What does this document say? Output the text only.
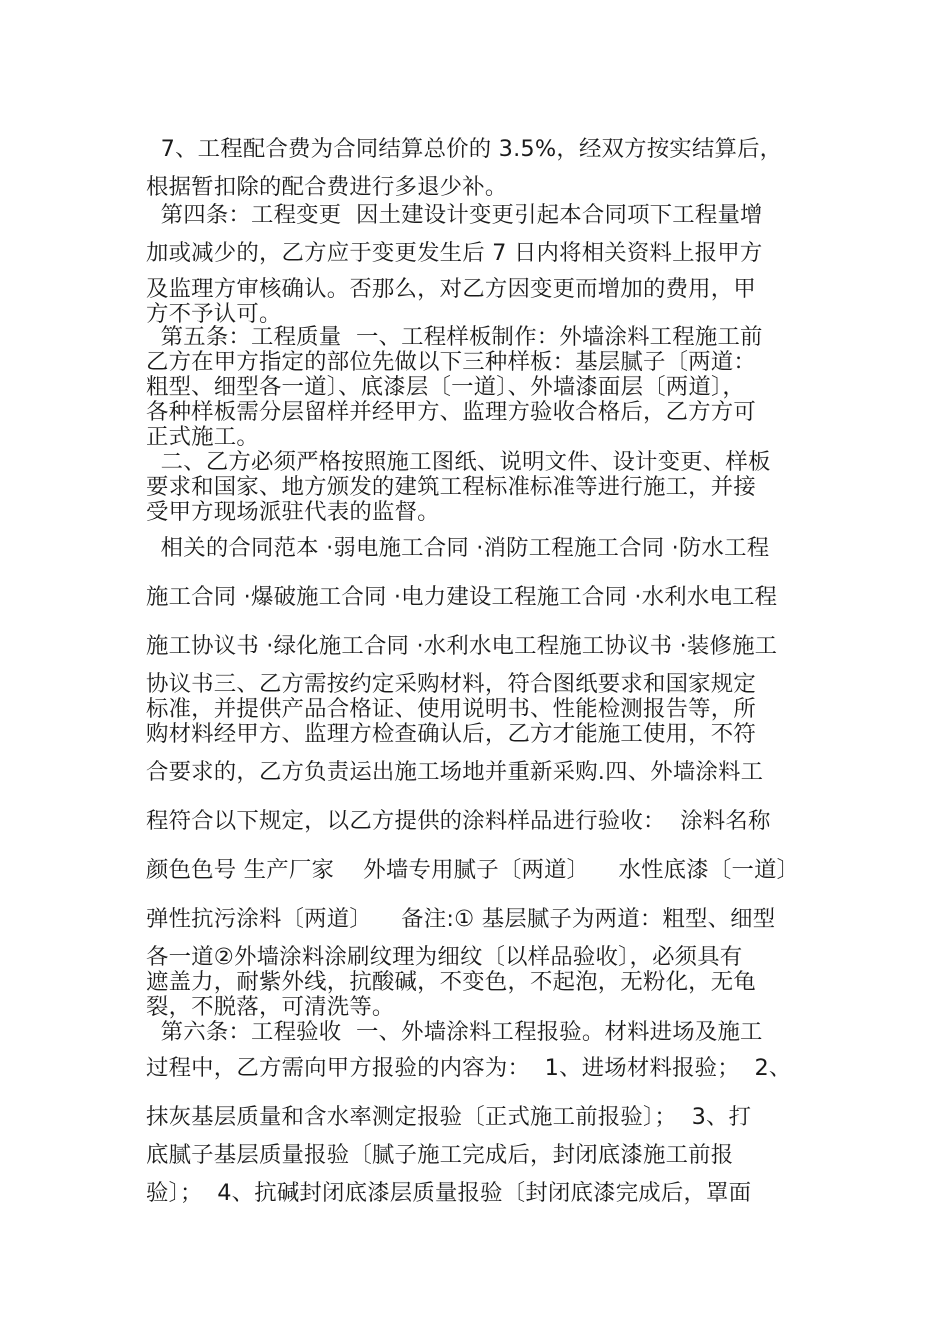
7、工程配合费为合同结算总价的 3.5%，经双方按实结算后，
根据暂扣除的配合费进行多退少补。
第四条：工程变更  因土建设计变更引起本合同项下工程量增
加或减少的，乙方应于变更发生后 7 日内将相关资料上报甲方
及监理方审核确认。否那么，对乙方因变更而增加的费用，甲
方不予认可。
第五条：工程质量  一、工程样板制作：外墙涂料工程施工前
乙方在甲方指定的部位先做以下三种样板：基层腻子〔两道：
粗型、细型各一道〕、底漆层〔一道〕、外墙漆面层〔两道〕，
各种样板需分层留样并经甲方、监理方验收合格后，乙方方可
正式施工。
二、乙方必须严格按照施工图纸、说明文件、设计变更、样板
要求和国家、地方颁发的建筑工程标准标准等进行施工，并接
受甲方现场派驻代表的监督。
相关的合同范本 ·弱电施工合同 ·消防工程施工合同 ·防水工程
施工合同 ·爆破施工合同 ·电力建设工程施工合同 ·水利水电工程
施工协议书 ·绿化施工合同 ·水利水电工程施工协议书 ·装修施工
协议书三、乙方需按约定采购材料，符合图纸要求和国家规定
标准，并提供产品合格证、使用说明书、性能检测报告等，所
购材料经甲方、监理方检查确认后，乙方才能施工使用，不符
合要求的，乙方负责运出施工场地并重新采购.四、外墙涂料工
程符合以下规定，以乙方提供的涂料样品进行验收：  涂料名称
颜色色号 生产厂家    外墙专用腻子〔两道〕    水性底漆〔一道〕
弹性抗污涂料〔两道〕    备注:① 基层腻子为两道：粗型、细型
各一道②外墙涂料涂刷纹理为细纹〔以样品验收〕，必须具有
遮盖力，耐紫外线，抗酸碱，不变色，不起泡，无粉化，无龟
裂，不脱落，可清洗等。
第六条：工程验收  一、外墙涂料工程报验。材料进场及施工
过程中，乙方需向甲方报验的内容为：  1、进场材料报验；  2、
抹灰基层质量和含水率测定报验〔正式施工前报验〕；  3、打
底腻子基层质量报验〔腻子施工完成后，封闭底漆施工前报
验〕；  4、抗碱封闭底漆层质量报验〔封闭底漆完成后，罩面
